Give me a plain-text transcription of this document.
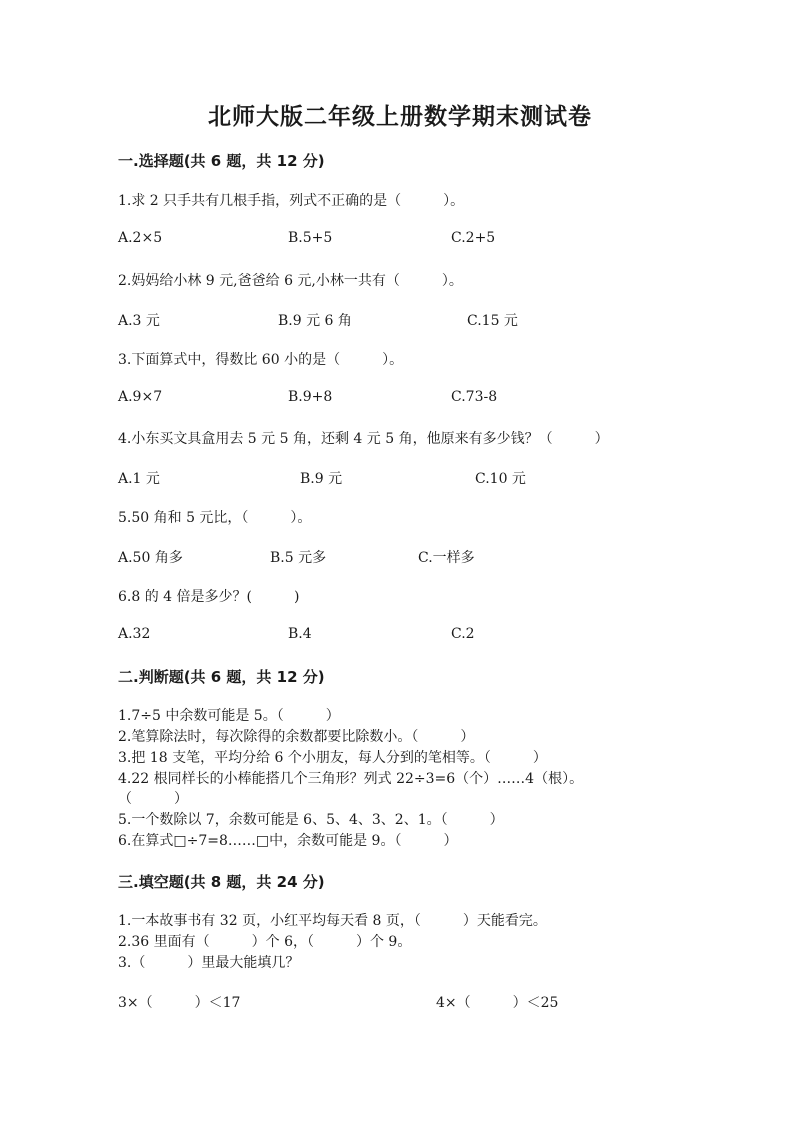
北师大版二年级上册数学期末测试卷
一.选择题(共 6 题，共 12 分)
1.求 2 只手共有几根手指，列式不正确的是（　　　）。
A.2×5	B.5+5	C.2+5
2.妈妈给小林 9 元,爸爸给 6 元,小林一共有（　　　）。
A.3 元	B.9 元 6 角	C.15 元
3.下面算式中，得数比 60 小的是（　　　）。
A.9×7	B.9+8	C.73-8
4.小东买文具盒用去 5 元 5 角，还剩 4 元 5 角，他原来有多少钱？（　　　）
A.1 元	B.9 元	C.10 元
5.50 角和 5 元比，（　　　）。
A.50 角多	B.5 元多	C.一样多
6.8 的 4 倍是多少？(　　　)
A.32	B.4	C.2
二.判断题(共 6 题，共 12 分)
1.7÷5 中余数可能是 5。（　　　）
2.笔算除法时，每次除得的余数都要比除数小。（　　　）
3.把 18 支笔，平均分给 6 个小朋友，每人分到的笔相等。（　　　）
4.22 根同样长的小棒能搭几个三角形？列式 22÷3=6（个）……4（根）。
（　　　）
5.一个数除以 7，余数可能是 6、5、4、3、2、1。（　　　）
6.在算式□÷7=8……□中，余数可能是 9。（　　　）
三.填空题(共 8 题，共 24 分)
1.一本故事书有 32 页，小红平均每天看 8 页，（　　　）天能看完。
2.36 里面有（　　　）个 6，（　　　）个 9。
3.（　　　）里最大能填几？
3×（　　　）＜17	4×（　　　）＜25
